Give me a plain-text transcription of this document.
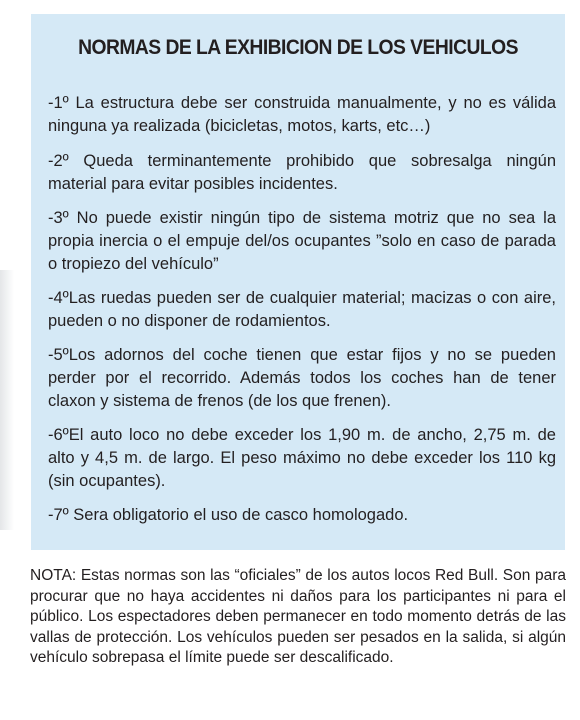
NORMAS DE LA EXHIBICION DE LOS VEHICULOS

-1º La estructura debe ser construida manualmente, y no es válida ninguna ya realizada (bicicletas, motos, karts, etc…)

-2º Queda terminantemente prohibido que sobresalga ningún material para evitar posibles incidentes.

-3º No puede existir ningún tipo de sistema motriz que no sea la propia inercia o el empuje del/os ocupantes ”solo en caso de parada o tropiezo del vehículo”

-4ºLas ruedas pueden ser de cualquier material; macizas o con aire, pueden o no disponer de rodamientos.

-5ºLos adornos del coche tienen que estar fijos y no se pueden perder por el recorrido. Además todos los coches han de tener claxon y sistema de frenos (de los que frenen).

-6ºEl auto loco no debe exceder los 1,90 m. de ancho, 2,75 m. de alto y 4,5 m. de largo. El peso máximo no debe exceder los 110 kg (sin ocupantes).

-7º Sera obligatorio el uso de casco homologado.

NOTA: Estas normas son las “oficiales” de los autos locos Red Bull. Son para procurar que no haya accidentes ni daños para los participantes ni para el público. Los espectadores deben permanecer en todo momento detrás de las vallas de protección. Los vehículos pueden ser pesados en la salida, si algún vehículo sobrepasa el límite puede ser descalificado.
